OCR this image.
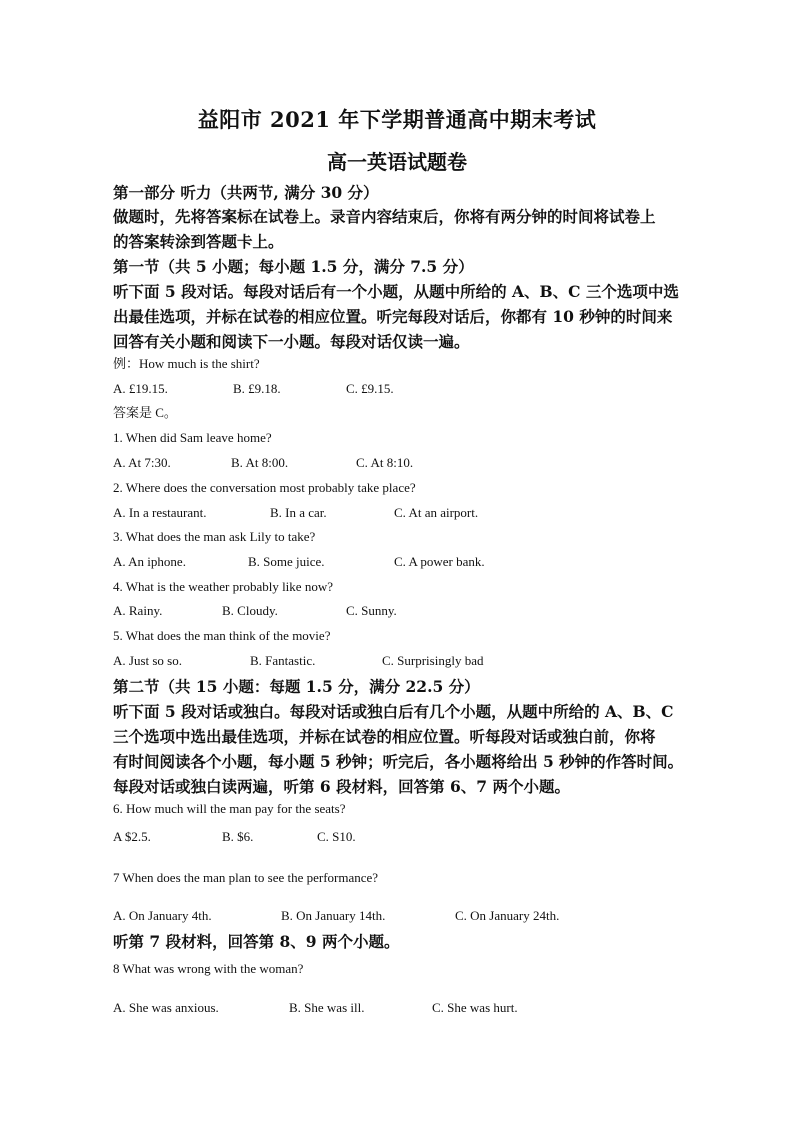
益阳市 2021 年下学期普通高中期末考试
高一英语试题卷
第一部分 听力（共两节, 满分 30 分）
做题时，先将答案标在试卷上。录音内容结束后，你将有两分钟的时间将试卷上
的答案转涂到答题卡上。
第一节（共 5 小题；每小题 1.5 分，满分 7.5 分）
听下面 5 段对话。每段对话后有一个小题，从题中所给的 A、B、C 三个选项中选
出最佳选项，并标在试卷的相应位置。听完每段对话后，你都有 10 秒钟的时间来
回答有关小题和阅读下一小题。每段对话仅读一遍。
例：How much is the shirt?
A. £19.15.	B. £9.18.	C. £9.15.
答案是 C。
1. When did Sam leave home?
A. At 7:30.	B. At 8:00.	C. At 8:10.
2. Where does the conversation most probably take place?
A. In a restaurant.	B. In a car.	C. At an airport.
3. What does the man ask Lily to take?
A. An iphone.	B. Some juice.	C. A power bank.
4. What is the weather probably like now?
A. Rainy.	B. Cloudy.	C. Sunny.
5. What does the man think of the movie?
A. Just so so.	B. Fantastic.	C. Surprisingly bad
第二节（共 15 小题：每题 1.5 分，满分 22.5 分）
听下面 5 段对话或独白。每段对话或独白后有几个小题，从题中所给的 A、B、C
三个选项中选出最佳选项，并标在试卷的相应位置。听每段对话或独白前，你将
有时间阅读各个小题，每小题 5 秒钟；听完后，各小题将给出 5 秒钟的作答时间。
每段对话或独白读两遍，听第 6 段材料，回答第 6、7 两个小题。
6. How much will the man pay for the seats?
A $2.5.	B. $6.	C. S10.
7 When does the man plan to see the performance?
A. On January 4th.	B. On January 14th.	C. On January 24th.
听第 7 段材料，回答第 8、9 两个小题。
8 What was wrong with the woman?
A. She was anxious.	B. She was ill.	C. She was hurt.
